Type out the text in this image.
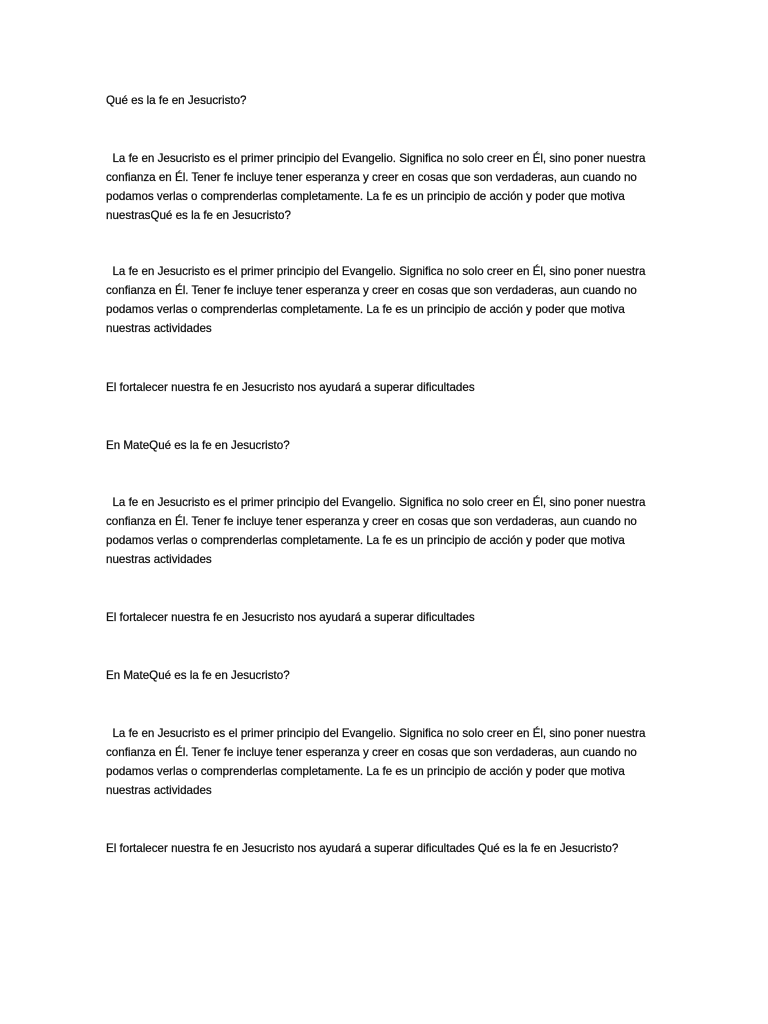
Qué es la fe en Jesucristo?

La fe en Jesucristo es el primer principio del Evangelio. Significa no solo creer en Él, sino poner nuestra confianza en Él. Tener fe incluye tener esperanza y creer en cosas que son verdaderas, aun cuando no podamos verlas o comprenderlas completamente. La fe es un principio de acción y poder que motiva nuestrasQué es la fe en Jesucristo?

La fe en Jesucristo es el primer principio del Evangelio. Significa no solo creer en Él, sino poner nuestra confianza en Él. Tener fe incluye tener esperanza y creer en cosas que son verdaderas, aun cuando no podamos verlas o comprenderlas completamente. La fe es un principio de acción y poder que motiva nuestras actividades

El fortalecer nuestra fe en Jesucristo nos ayudará a superar dificultades

En MateQué es la fe en Jesucristo?

La fe en Jesucristo es el primer principio del Evangelio. Significa no solo creer en Él, sino poner nuestra confianza en Él. Tener fe incluye tener esperanza y creer en cosas que son verdaderas, aun cuando no podamos verlas o comprenderlas completamente. La fe es un principio de acción y poder que motiva nuestras actividades

El fortalecer nuestra fe en Jesucristo nos ayudará a superar dificultades

En MateQué es la fe en Jesucristo?

La fe en Jesucristo es el primer principio del Evangelio. Significa no solo creer en Él, sino poner nuestra confianza en Él. Tener fe incluye tener esperanza y creer en cosas que son verdaderas, aun cuando no podamos verlas o comprenderlas completamente. La fe es un principio de acción y poder que motiva nuestras actividades

El fortalecer nuestra fe en Jesucristo nos ayudará a superar dificultades Qué es la fe en Jesucristo?
